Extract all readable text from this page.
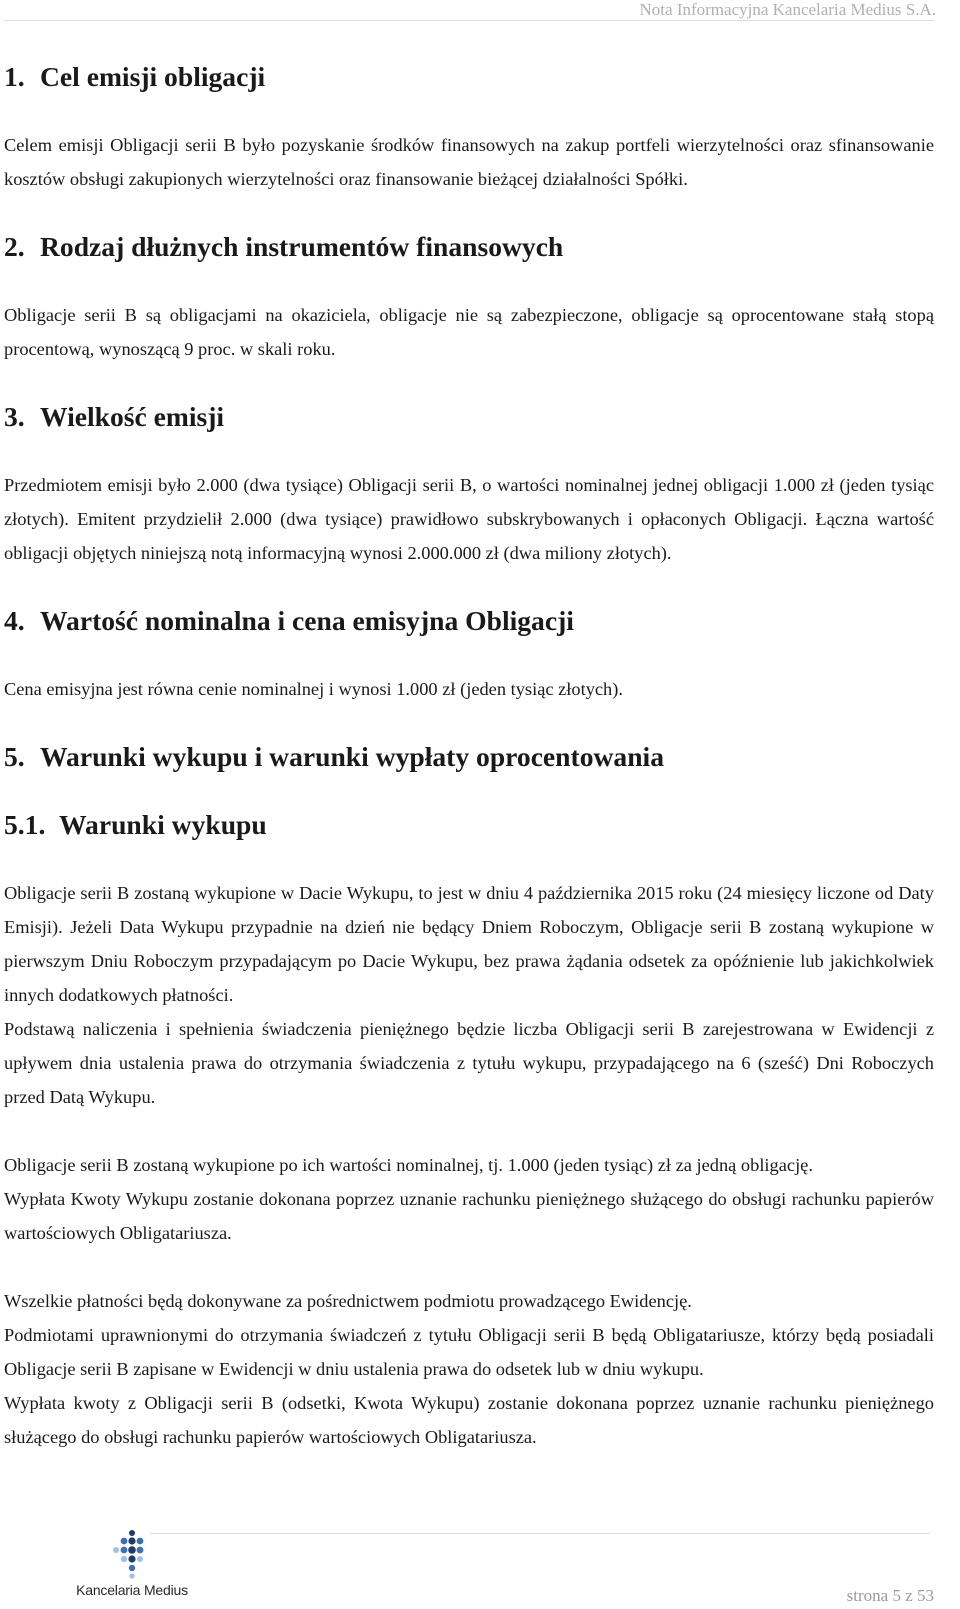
Nota Informacyjna Kancelaria Medius S.A.
1. Cel emisji obligacji

Celem emisji Obligacji serii B było pozyskanie środków finansowych na zakup portfeli wierzytelności oraz sfinansowanie kosztów obsługi zakupionych wierzytelności oraz finansowanie bieżącej działalności Spółki.

2. Rodzaj dłużnych instrumentów finansowych

Obligacje serii B są obligacjami na okaziciela, obligacje nie są zabezpieczone, obligacje są oprocentowane stałą stopą procentową, wynoszącą 9 proc. w skali roku.

3. Wielkość emisji

Przedmiotem emisji było 2.000 (dwa tysiące) Obligacji serii B, o wartości nominalnej jednej obligacji 1.000 zł (jeden tysiąc złotych). Emitent przydzielił 2.000 (dwa tysiące) prawidłowo subskrybowanych i opłaconych Obligacji. Łączna wartość obligacji objętych niniejszą notą informacyjną wynosi 2.000.000 zł (dwa miliony złotych).

4. Wartość nominalna i cena emisyjna Obligacji

Cena emisyjna jest równa cenie nominalnej i wynosi 1.000 zł (jeden tysiąc złotych).

5. Warunki wykupu i warunki wypłaty oprocentowania
5.1. Warunki wykupu

Obligacje serii B zostaną wykupione w Dacie Wykupu, to jest w dniu 4 października 2015 roku (24 miesięcy liczone od Daty Emisji). Jeżeli Data Wykupu przypadnie na dzień nie będący Dniem Roboczym, Obligacje serii B zostaną wykupione w pierwszym Dniu Roboczym przypadającym po Dacie Wykupu, bez prawa żądania odsetek za opóźnienie lub jakichkolwiek innych dodatkowych płatności.

Podstawą naliczenia i spełnienia świadczenia pieniężnego będzie liczba Obligacji serii B zarejestrowana w Ewidencji z upływem dnia ustalenia prawa do otrzymania świadczenia z tytułu wykupu, przypadającego na 6 (sześć) Dni Roboczych przed Datą Wykupu.

Obligacje serii B zostaną wykupione po ich wartości nominalnej, tj. 1.000 (jeden tysiąc) zł za jedną obligację.

Wypłata Kwoty Wykupu zostanie dokonana poprzez uznanie rachunku pieniężnego służącego do obsługi rachunku papierów wartościowych Obligatariusza.

Wszelkie płatności będą dokonywane za pośrednictwem podmiotu prowadzącego Ewidencję.

Podmiotami uprawnionymi do otrzymania świadczeń z tytułu Obligacji serii B będą Obligatariusze, którzy będą posiadali Obligacje serii B zapisane w Ewidencji w dniu ustalenia prawa do odsetek lub w dniu wykupu.

Wypłata kwoty z Obligacji serii B (odsetki, Kwota Wykupu) zostanie dokonana poprzez uznanie rachunku pieniężnego służącego do obsługi rachunku papierów wartościowych Obligatariusza.

Kancelaria Medius	strona 5 z 53
